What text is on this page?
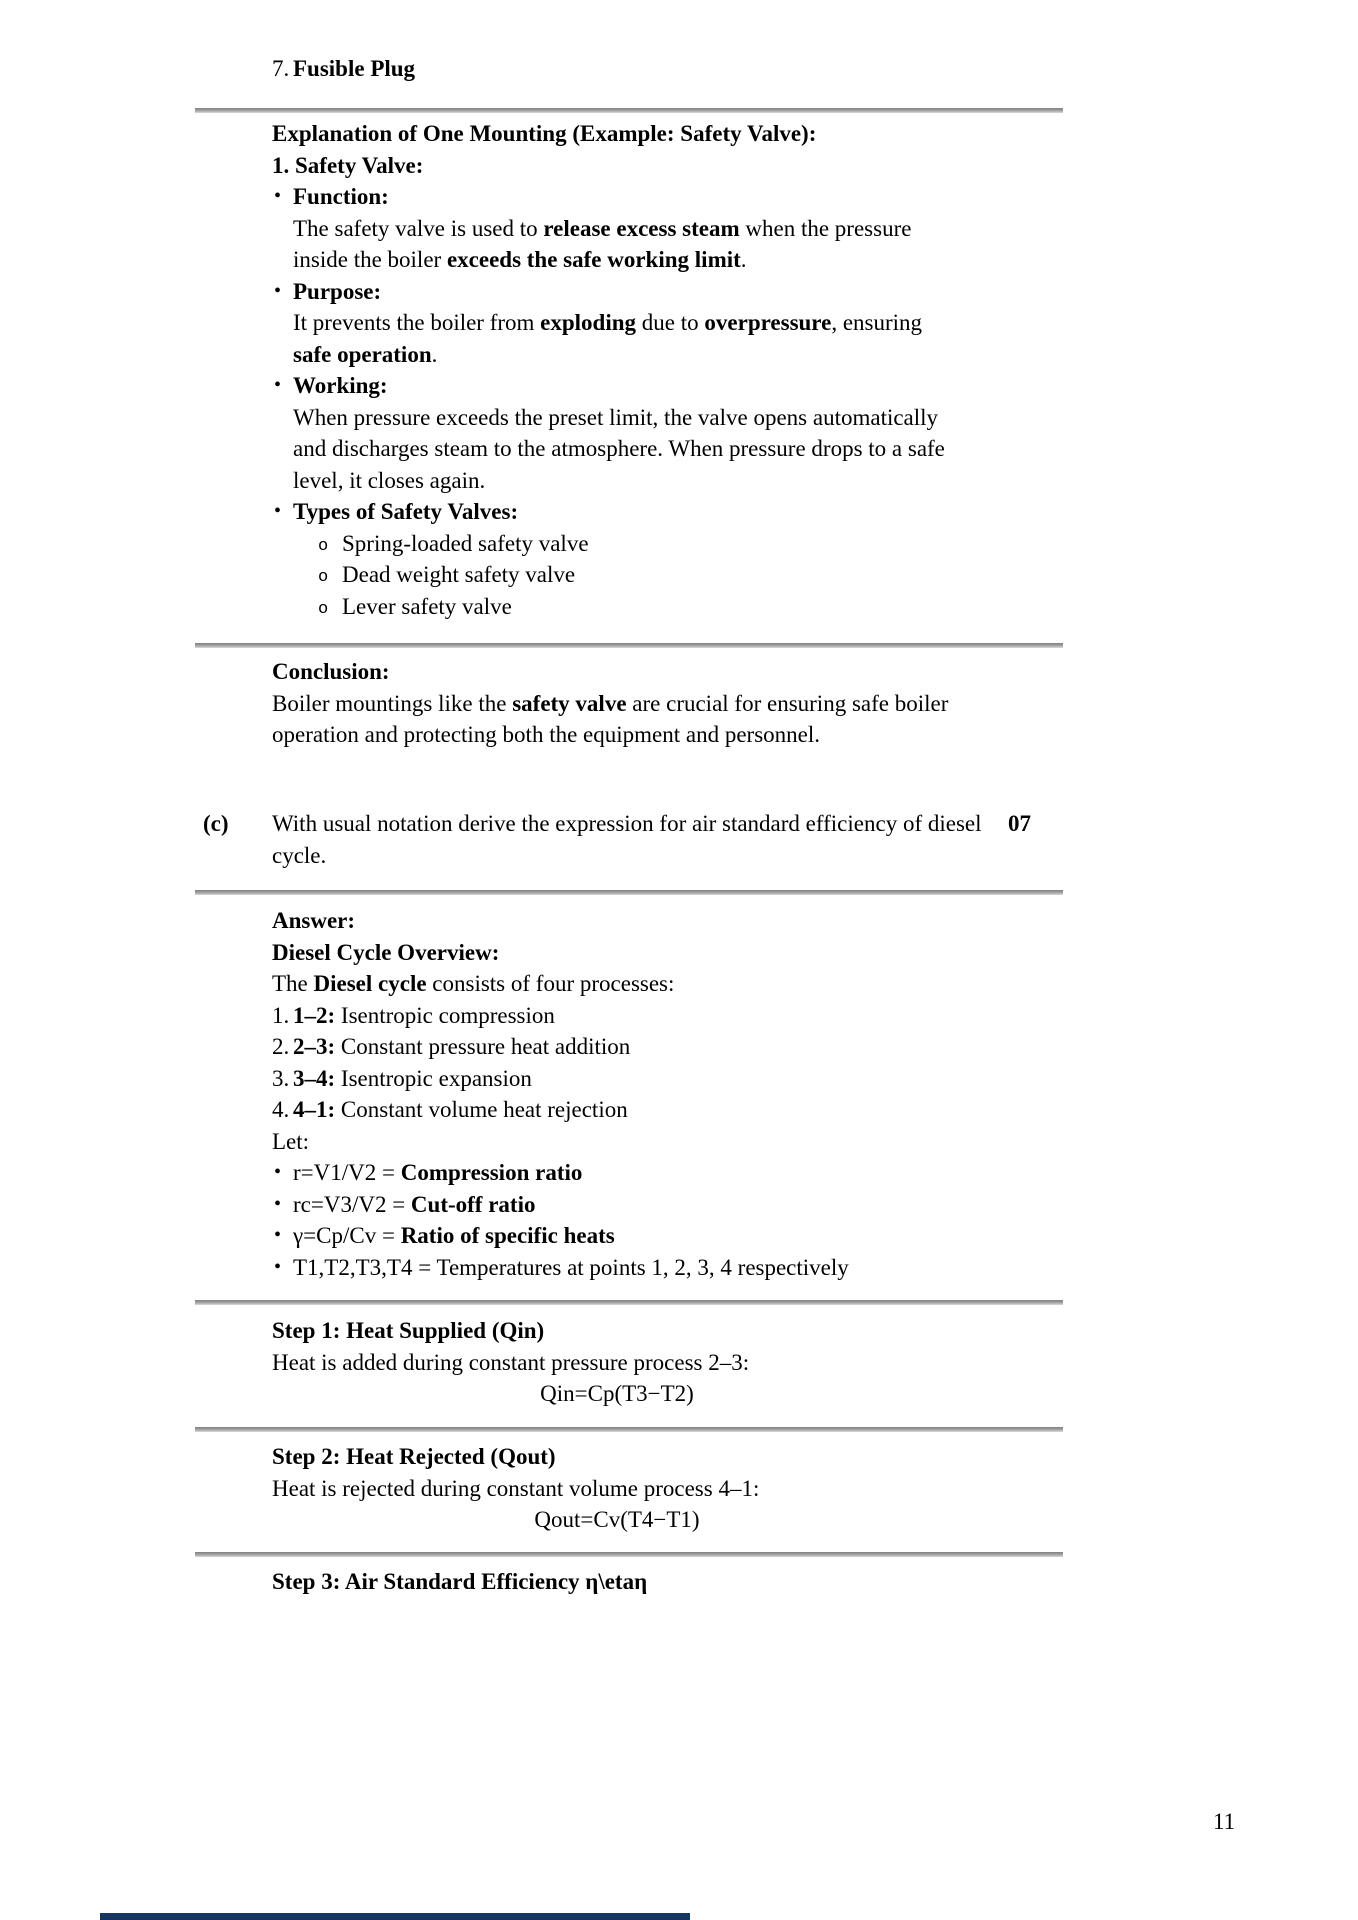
7. Fusible Plug
Explanation of One Mounting (Example: Safety Valve):
1. Safety Valve:
• Function:
The safety valve is used to release excess steam when the pressure
inside the boiler exceeds the safe working limit.
• Purpose:
It prevents the boiler from exploding due to overpressure, ensuring
safe operation.
• Working:
When pressure exceeds the preset limit, the valve opens automatically
and discharges steam to the atmosphere. When pressure drops to a safe
level, it closes again.
• Types of Safety Valves:
o Spring-loaded safety valve
o Dead weight safety valve
o Lever safety valve
Conclusion:
Boiler mountings like the safety valve are crucial for ensuring safe boiler
operation and protecting both the equipment and personnel.
(c) With usual notation derive the expression for air standard efficiency of diesel
cycle.
07
Answer:
Diesel Cycle Overview:
The Diesel cycle consists of four processes:
1. 1–2: Isentropic compression
2. 2–3: Constant pressure heat addition
3. 3–4: Isentropic expansion
4. 4–1: Constant volume heat rejection
Let:
• r=V1/V2 = Compression ratio
• rc=V3/V2 = Cut-off ratio
• γ=Cp/Cv = Ratio of specific heats
• T1,T2,T3,T4 = Temperatures at points 1, 2, 3, 4 respectively
Step 1: Heat Supplied (Qin)
Heat is added during constant pressure process 2–3:
Qin=Cp(T3−T2)
Step 2: Heat Rejected (Qout)
Heat is rejected during constant volume process 4–1:
Qout=Cv(T4−T1)
Step 3: Air Standard Efficiency η\etaη
11
